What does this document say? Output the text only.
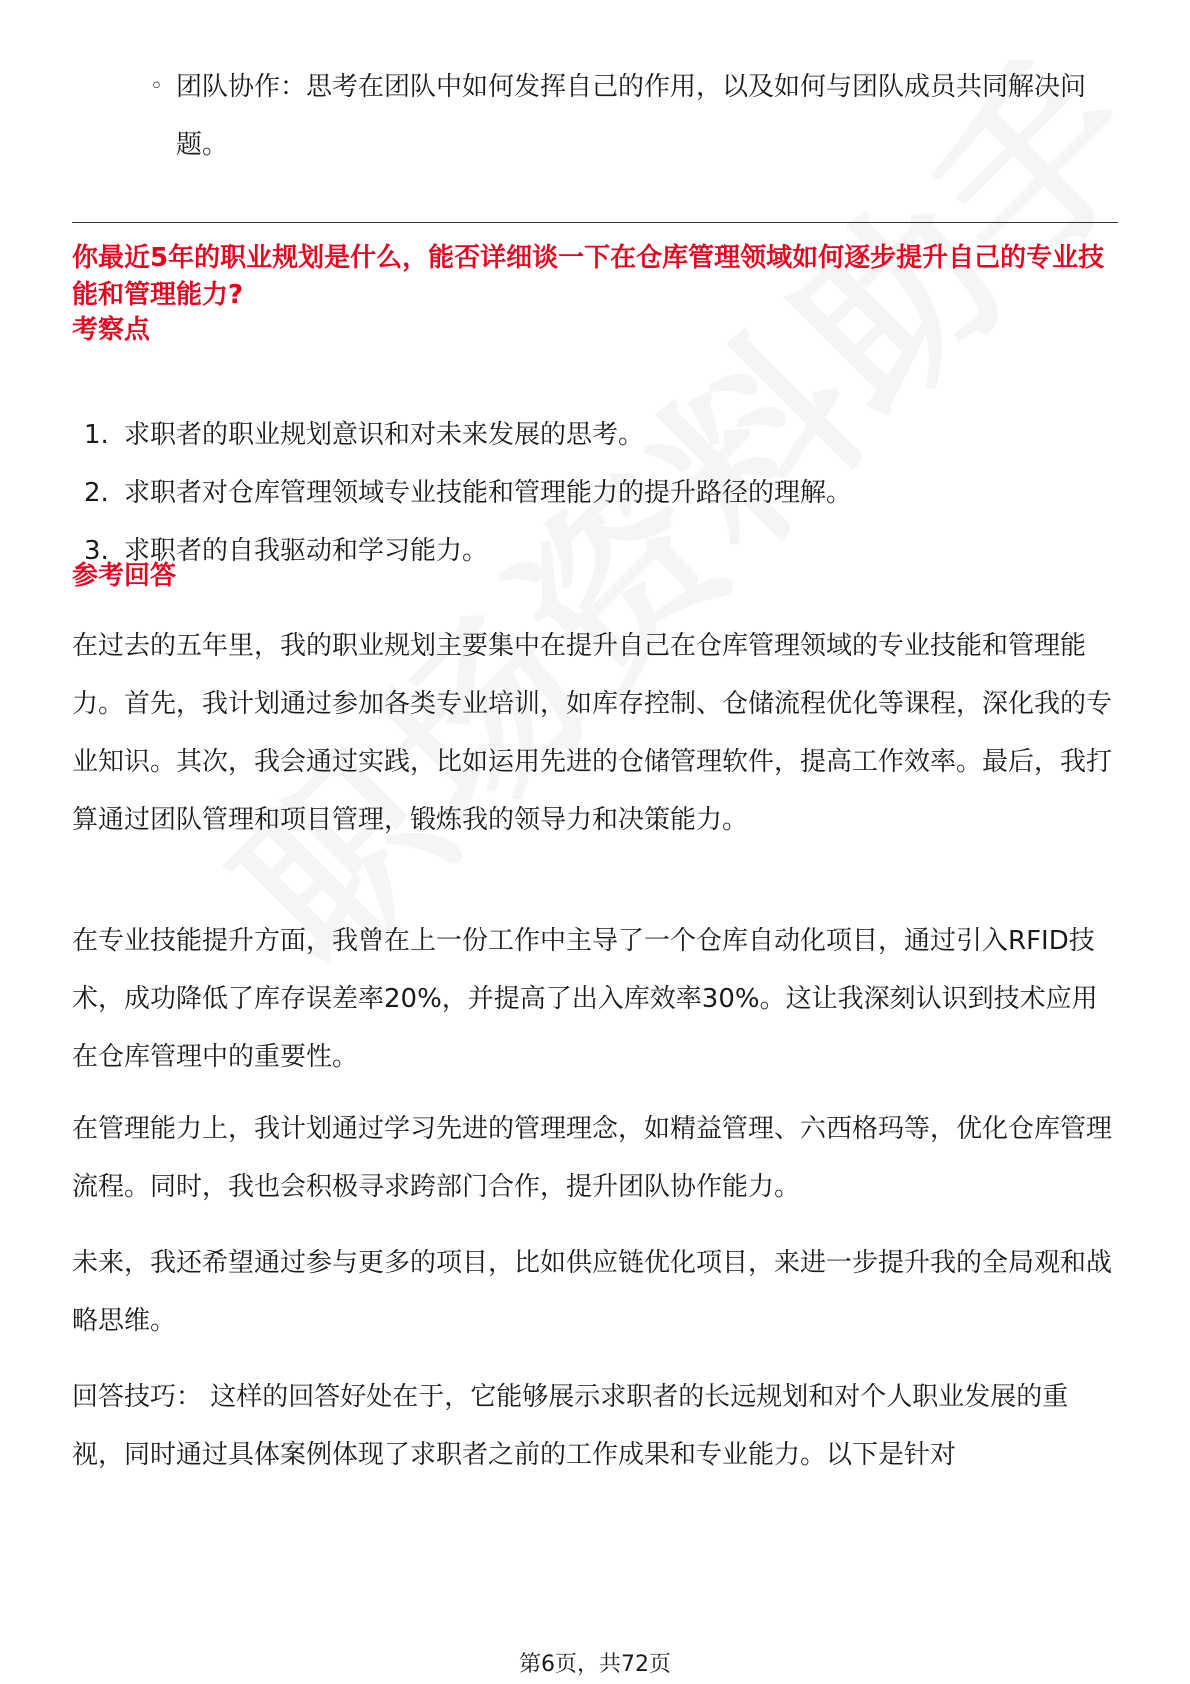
◦ 团队协作：思考在团队中如何发挥自己的作用，以及如何与团队成员共同解决问题。
你最近5年的职业规划是什么，能否详细谈一下在仓库管理领域如何逐步提升自己的专业技能和管理能力?
考察点
1. 求职者的职业规划意识和对未来发展的思考。
2. 求职者对仓库管理领域专业技能和管理能力的提升路径的理解。
3. 求职者的自我驱动和学习能力。
参考回答

在过去的五年里，我的职业规划主要集中在提升自己在仓库管理领域的专业技能和管理能力。首先，我计划通过参加各类专业培训，如库存控制、仓储流程优化等课程，深化我的专业知识。其次，我会通过实践，比如运用先进的仓储管理软件，提高工作效率。最后，我打算通过团队管理和项目管理，锻炼我的领导力和决策能力。

在专业技能提升方面，我曾在上一份工作中主导了一个仓库自动化项目，通过引入RFID技术，成功降低了库存误差率20%，并提高了出入库效率30%。这让我深刻认识到技术应用在仓库管理中的重要性。

在管理能力上，我计划通过学习先进的管理理念，如精益管理、六西格玛等，优化仓库管理流程。同时，我也会积极寻求跨部门合作，提升团队协作能力。

未来，我还希望通过参与更多的项目，比如供应链优化项目，来进一步提升我的全局观和战略思维。

回答技巧： 这样的回答好处在于，它能够展示求职者的长远规划和对个人职业发展的重视，同时通过具体案例体现了求职者之前的工作成果和专业能力。以下是针对

第6页，共72页
